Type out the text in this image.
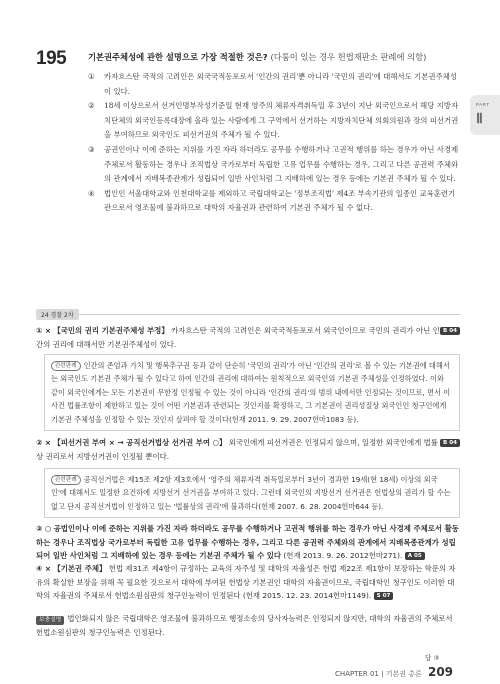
195	기본권주체성에 관한 설명으로 가장 적절한 것은? (다툼이 있는 경우 헌법재판소 판례에 의함)
①	카자흐스탄 국적의 고려인은 외국국적동포로서 '인간의 권리'뿐 아니라 '국민의 권리'에 대해서도 기본권주체성이 있다.
②	18세 이상으로서 선거인명부작성기준일 현재 영주의 체류자격취득일 후 3년이 지난 외국인으로서 해당 지방자치단체의 외국인등록대장에 올라 있는 사람에게 그 구역에서 선거하는 지방자치단체 의회의원과 장의 피선거권을 부여하므로 외국인도 피선거권의 주체가 될 수 있다.
③	공권인이나 이에 준하는 지위를 가진 자라 하더라도 공무를 수행하거나 고권적 행위를 하는 경우가 아닌 사경제 주체로서 활동하는 경우나 조직법상 국가로부터 독립한 고유 업무를 수행하는 경우, 그리고 다른 공권력 주체와의 관계에서 지배복종관계가 성립되어 일반 사인처럼 그 지배하에 있는 경우 등에는 기본권 주체가 될 수 있다.
④	법인인 서울대학교와 인천대학교를 제외하고 국립대학교는 '정부조직법' 제4조 부속기관의 일종인 교육훈련기관으로서 영조물에 불과하므로 대학의 자율권과 관련하여 기본권 주체가 될 수 없다.
PART
Ⅱ
24 경찰 2차

B 04
① × 【국민의 권리 기본권주체성 부정】 카자흐스탄 국적의 고려인은 외국국적동포로서 외국인이므로 국민의 권리가 아닌 인간의 권리에 대해서만 기본권주체성이 있다.

관련판례 인간의 존엄과 가치 및 행복추구권 등과 같이 단순히 '국민의 권리'가 아닌 '인간의 권리'로 볼 수 있는 기본권에 대해서는 외국인도 기본권 주체가 될 수 있다고 하여 인간의 권리에 대하여는 원칙적으로 외국인의 기본권 주체성을 인정하였다. 이와 같이 외국인에게는 모든 기본권이 무한정 인정될 수 있는 것이 아니라 '인간의 권리'의 범위 내에서만 인정되는 것이므로, 면서 이 사건 법률조항이 제한하고 있는 것이 어떤 기본권과 관련되는 것인지를 확정하고, 그 기본권이 권리성질상 외국인인 청구인에게 기본권 주체성을 인정할 수 있는 것인지 살펴야 할 것이다(헌재 2011. 9. 29. 2007헌마1083 등).

B 04
② × 【피선거권 부여 × → 공직선거법상 선거권 부여 ○】 외국인에게 피선거권은 인정되지 않으며, 일정한 외국인에게 법률상 권리로서 지방선거권이 인정될 뿐이다.

관련판례 공직선거법은 제15조 제2항 제3호에서 '영주의 체류자격 취득일로부터 3년이 경과한 19세(현 18세) 이상의 외국인'에 대해서도 일정한 요건하에 지방선거 선거권을 부여하고 있다. 그런데 외국인의 지방선거 선거권은 헌법상의 권리가 할 수는 없고 단지 공직선거법이 인정하고 있는 '법률상의 권리'에 불과하다(헌재 2007. 6. 28. 2004헌마644 등).

③ ○ 공법인이나 이에 준하는 지위를 가진 자라 하더라도 공무를 수행하거나 고권적 행위를 하는 경우가 아닌 사경제 주체로서 활동하는 경우나 조직법상 국가로부터 독립한 고유 업무를 수행하는 경우, 그리고 다른 공권력 주체와의 관계에서 지배복종관계가 성립되어 일반 사인처럼 그 지배하에 있는 경우 등에는 기본권 주체가 될 수 있다 (헌재 2013. 9. 26. 2012헌마271). A 05

④ × 【기본권 주체】 헌법 제31조 제4항이 규정하는 교육의 자주성 및 대학의 자율성은 헌법 제22조 제1항이 보장하는 학문의 자유의 확실한 보장을 위해 꼭 필요한 것으로서 대학에 부여된 헌법상 기본권인 대학의 자율권이므로, 국립대학인 청구인도 이러한 대학의 자율권의 주체로서 헌법소원심판의 청구인능력이 인정된다 (헌재 2015. 12. 23. 2014헌마1149). S 07

보충설명 법인화되지 않은 국립대학은 영조물에 불과하므로 행정소송의 당사자능력은 인정되지 않지만, 대학의 자율권의 주체로서 헌법소원심판의 청구인능력은 인정된다.

답 ③
CHAPTER 01 | 기본권 총론 209
